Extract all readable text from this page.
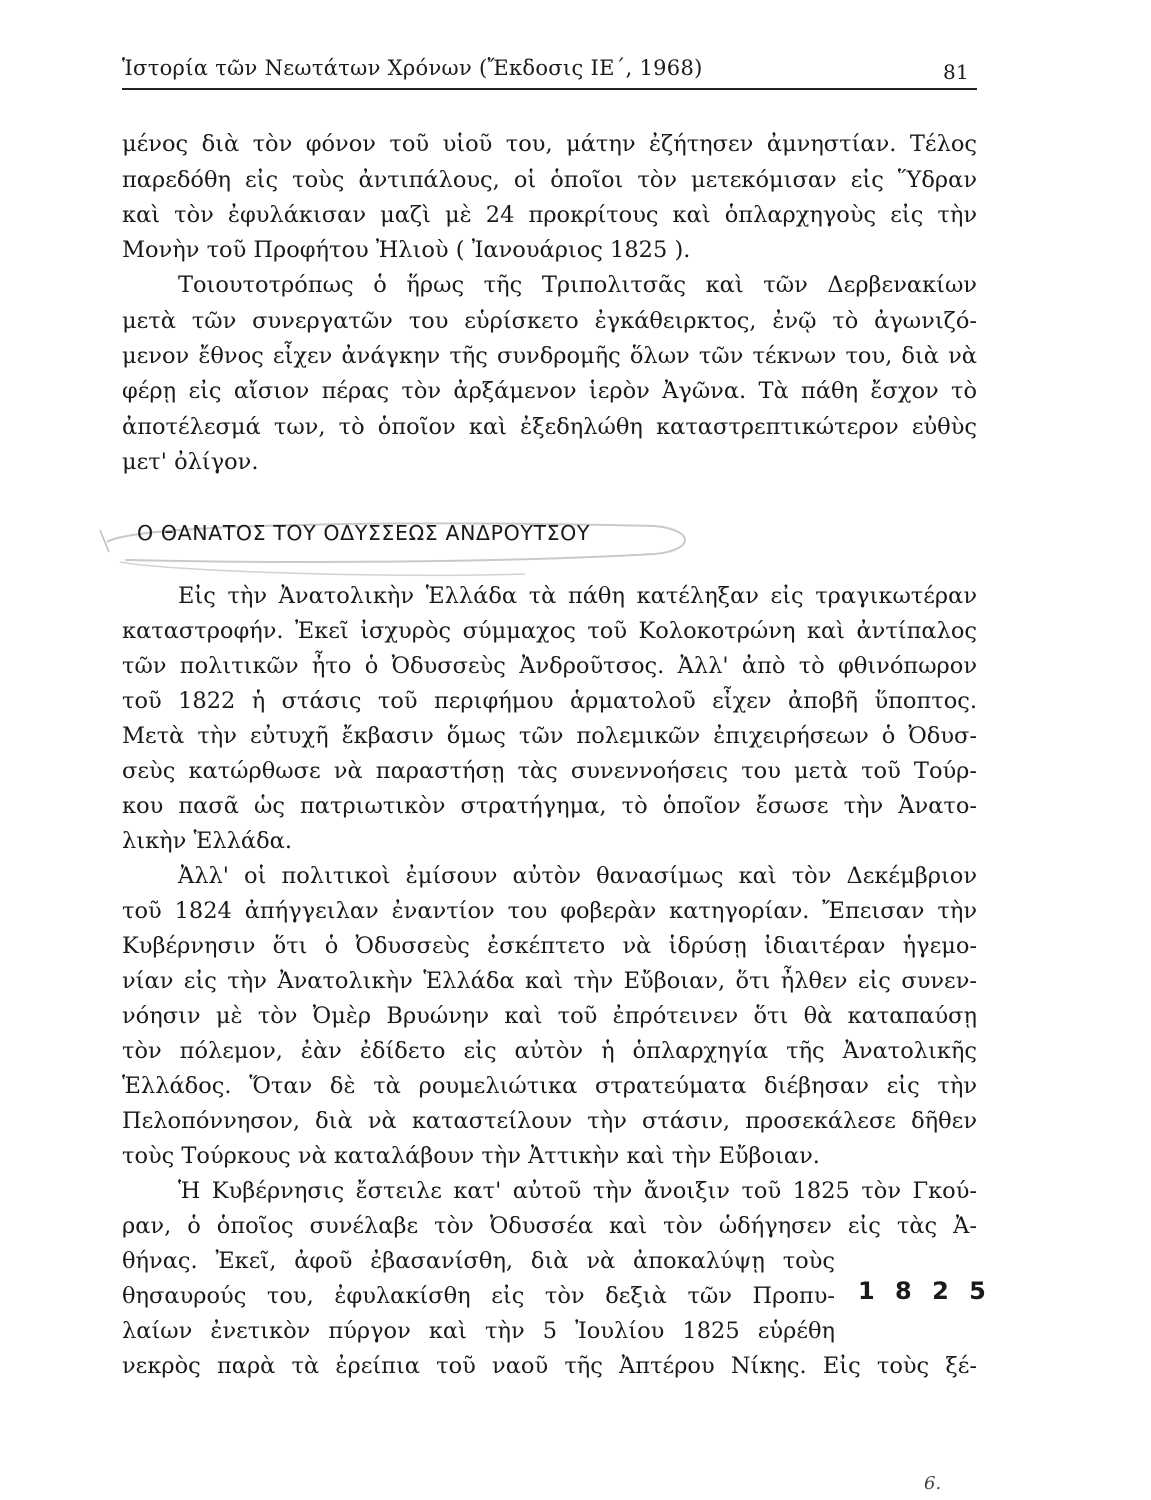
Ἱστορία τῶν Νεωτάτων Χρόνων (Ἔκδοσις ΙΕ΄, 1968)	81
μένος διὰ τὸν φόνον τοῦ υἱοῦ του, μάτην ἐζήτησεν ἀμνηστίαν. Τέλος
παρεδόθη εἰς τοὺς ἀντιπάλους, οἱ ὁποῖοι τὸν μετεκόμισαν εἰς Ὕδραν
καὶ τὸν ἐφυλάκισαν μαζὶ μὲ 24 προκρίτους καὶ ὁπλαρχηγοὺς εἰς τὴν
Μονὴν τοῦ Προφήτου Ἠλιοὺ ( Ἰανουάριος 1825 ).
Τοιουτοτρόπως ὁ ἥρως τῆς Τριπολιτσᾶς καὶ τῶν Δερβενακίων
μετὰ τῶν συνεργατῶν του εὑρίσκετο ἐγκάθειρκτος, ἐνῷ τὸ ἀγωνιζό-
μενον ἔθνος εἶχεν ἀνάγκην τῆς συνδρομῆς ὅλων τῶν τέκνων του, διὰ νὰ
φέρῃ εἰς αἴσιον πέρας τὸν ἀρξάμενον ἱερὸν Ἀγῶνα. Τὰ πάθη ἔσχον τὸ
ἀποτέλεσμά των, τὸ ὁποῖον καὶ ἐξεδηλώθη καταστρεπτικώτερον εὐθὺς
μετ' ὀλίγον.
Ο ΘΑΝΑΤΟΣ ΤΟΥ ΟΔΥΣΣΕΩΣ ΑΝΔΡΟΥΤΣΟΥ
Εἰς τὴν Ἀνατολικὴν Ἑλλάδα τὰ πάθη κατέληξαν εἰς τραγικωτέραν
καταστροφήν. Ἐκεῖ ἰσχυρὸς σύμμαχος τοῦ Κολοκοτρώνη καὶ ἀντίπαλος
τῶν πολιτικῶν ἦτο ὁ Ὀδυσσεὺς Ἀνδροῦτσος. Ἀλλ' ἀπὸ τὸ φθινόπωρον
τοῦ 1822 ἡ στάσις τοῦ περιφήμου ἁρματολοῦ εἶχεν ἀποβῆ ὕποπτος.
Μετὰ τὴν εὐτυχῆ ἔκβασιν ὅμως τῶν πολεμικῶν ἐπιχειρήσεων ὁ Ὀδυσ-
σεὺς κατώρθωσε νὰ παραστήσῃ τὰς συνεννοήσεις του μετὰ τοῦ Τούρ-
κου πασᾶ ὡς πατριωτικὸν στρατήγημα, τὸ ὁποῖον ἔσωσε τὴν Ἀνατο-
λικὴν Ἑλλάδα.
Ἀλλ' οἱ πολιτικοὶ ἐμίσουν αὐτὸν θανασίμως καὶ τὸν Δεκέμβριον
τοῦ 1824 ἀπήγγειλαν ἐναντίον του φοβερὰν κατηγορίαν. Ἔπεισαν τὴν
Κυβέρνησιν ὅτι ὁ Ὀδυσσεὺς ἐσκέπτετο νὰ ἱδρύσῃ ἰδιαιτέραν ἡγεμο-
νίαν εἰς τὴν Ἀνατολικὴν Ἑλλάδα καὶ τὴν Εὔβοιαν, ὅτι ἦλθεν εἰς συνεν-
νόησιν μὲ τὸν Ὀμὲρ Βρυώνην καὶ τοῦ ἐπρότεινεν ὅτι θὰ καταπαύσῃ
τὸν πόλεμον, ἐὰν ἐδίδετο εἰς αὐτὸν ἡ ὁπλαρχηγία τῆς Ἀνατολικῆς
Ἑλλάδος. Ὅταν δὲ τὰ ρουμελιώτικα στρατεύματα διέβησαν εἰς τὴν
Πελοπόννησον, διὰ νὰ καταστείλουν τὴν στάσιν, προσεκάλεσε δῆθεν
τοὺς Τούρκους νὰ καταλάβουν τὴν Ἀττικὴν καὶ τὴν Εὔβοιαν.
Ἡ Κυβέρνησις ἔστειλε κατ' αὐτοῦ τὴν ἄνοιξιν τοῦ 1825 τὸν Γκού-
ραν, ὁ ὁποῖος συνέλαβε τὸν Ὀδυσσέα καὶ τὸν ὡδήγησεν εἰς τὰς Ἀ-
θήνας. Ἐκεῖ, ἀφοῦ ἐβασανίσθη, διὰ νὰ ἀποκαλύψῃ τοὺς
θησαυρούς του, ἐφυλακίσθη εἰς τὸν δεξιὰ τῶν Προπυ-
λαίων ἐνετικὸν πύργον καὶ τὴν 5 Ἰουλίου 1825 εὑρέθη
νεκρὸς παρὰ τὰ ἐρείπια τοῦ ναοῦ τῆς Ἀπτέρου Νίκης. Εἰς τοὺς ξέ-
1 8 2 5
6.
